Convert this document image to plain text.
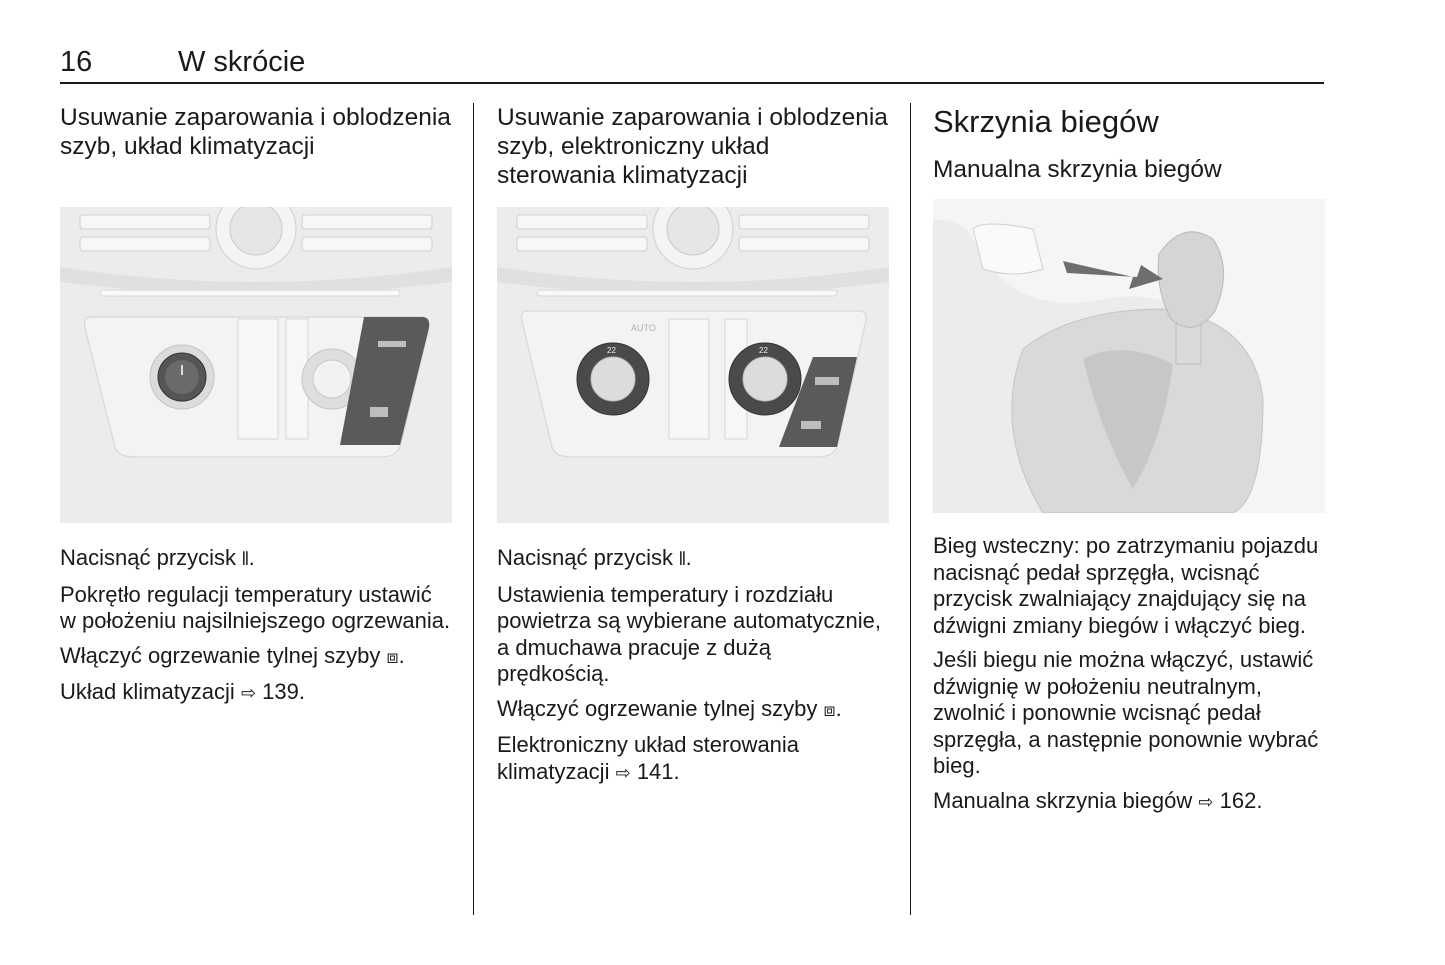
16	W skrócie
Usuwanie zaparowania i oblodzenia szyb, układ klimatyzacji

Nacisnąć przycisk 𝍪.

Pokrętło regulacji temperatury ustawić w położeniu najsilniejszego ogrzewania.

Włączyć ogrzewanie tylnej szyby ⧈.

Układ klimatyzacji ⇨ 139.

Usuwanie zaparowania i oblodzenia szyb, elektroniczny układ sterowania klimatyzacji
AUTO
22	22

Nacisnąć przycisk 𝍪.

Ustawienia temperatury i rozdziału powietrza są wybierane automatycznie, a dmuchawa pracuje z dużą prędkością.

Włączyć ogrzewanie tylnej szyby ⧈.

Elektroniczny układ sterowania klimatyzacji ⇨ 141.

Skrzynia biegów
Manualna skrzynia biegów

Bieg wsteczny: po zatrzymaniu pojazdu nacisnąć pedał sprzęgła, wcisnąć przycisk zwalniający znajdujący się na dźwigni zmiany biegów i włączyć bieg.

Jeśli biegu nie można włączyć, ustawić dźwignię w położeniu neutralnym, zwolnić i ponownie wcisnąć pedał sprzęgła, a następnie ponownie wybrać bieg.

Manualna skrzynia biegów ⇨ 162.
